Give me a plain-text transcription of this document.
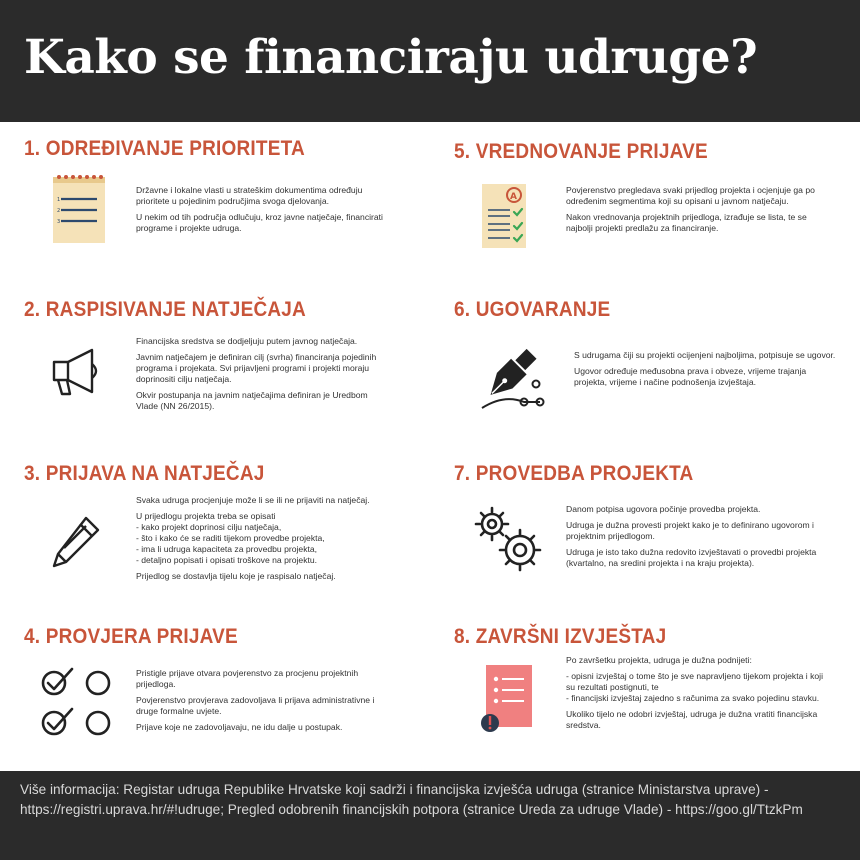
Kako se financiraju udruge?
1. ODREĐIVANJE PRIORITETA
1
2
3

Državne i lokalne vlasti u strateškim dokumentima određuju prioritete u pojedinim područjima svoga djelovanja.

U nekim od tih područja odlučuju, kroz javne natječaje, financirati programe i projekte udruga.

2. RASPISIVANJE NATJEČAJA

Financijska sredstva se dodjeljuju putem javnog natječaja.

Javnim natječajem je definiran cilj (svrha) financiranja pojedinih programa i projekata. Svi prijavljeni programi i projekti moraju doprinositi cilju natječaja.

Okvir postupanja na javnim natječajima definiran je Uredbom Vlade (NN 26/2015).

3. PRIJAVA NA NATJEČAJ

Svaka udruga procjenjuje može li se ili ne prijaviti na natječaj.

U prijedlogu projekta treba se opisati
- kako projekt doprinosi cilju natječaja,
- što i kako će se raditi tijekom provedbe projekta,
- ima li udruga kapaciteta za provedbu projekta,
- detaljno popisati i opisati troškove na projektu.

Prijedlog se dostavlja tijelu koje je raspisalo natječaj.

4. PROVJERA PRIJAVE

Pristigle prijave otvara povjerenstvo za procjenu projektnih prijedloga.

Povjerenstvo provjerava zadovoljava li prijava administrativne i druge formalne uvjete.

Prijave koje ne zadovoljavaju, ne idu dalje u postupak.

5. VREDNOVANJE PRIJAVE
A

Povjerenstvo pregledava svaki prijedlog projekta i ocjenjuje ga po određenim segmentima koji su opisani u javnom natječaju.

Nakon vrednovanja projektnih prijedloga, izrađuje se lista, te se najbolji projekti predlažu za financiranje.

6. UGOVARANJE

S udrugama čiji su projekti ocijenjeni najboljima, potpisuje se ugovor.

Ugovor određuje međusobna prava i obveze, vrijeme trajanja projekta, vrijeme i načine podnošenja izvještaja.

7. PROVEDBA PROJEKTA

Danom potpisa ugovora počinje provedba projekta.

Udruga je dužna provesti projekt kako je to definirano ugovorom i projektnim prijedlogom.

Udruga je isto tako dužna redovito izvještavati o provedbi projekta (kvartalno, na sredini projekta i na kraju projekta).

8. ZAVRŠNI IZVJEŠTAJ

Po završetku projekta, udruga je dužna podnijeti:

- opisni izvještaj o tome što je sve napravljeno tijekom projekta i koji su rezultati postignuti, te
- financijski izvještaj zajedno s računima za svako pojedinu stavku.

Ukoliko tijelo ne odobri izvještaj, udruga je dužna vratiti financijska sredstva.

Više informacija: Registar udruga Republike Hrvatske koji sadrži i financijska izvješća udruga (stranice Ministarstva uprave) - https://registri.uprava.hr/#!udruge; Pregled odobrenih financijskih potpora (stranice Ureda za udruge Vlade) - https://goo.gl/TtzkPm
